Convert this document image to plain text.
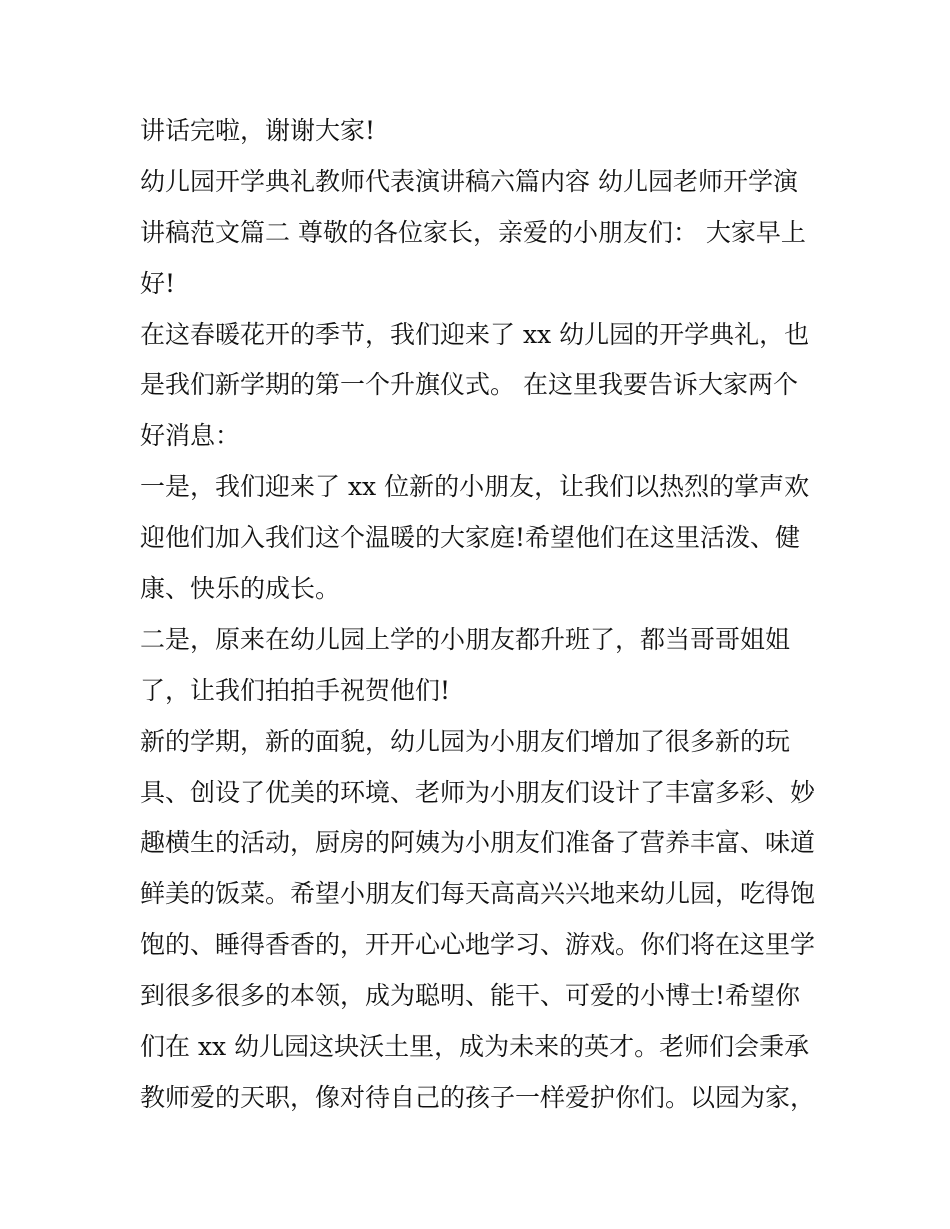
讲话完啦，谢谢大家!
幼儿园开学典礼教师代表演讲稿六篇内容 幼儿园老师开学演
讲稿范文篇二 尊敬的各位家长，亲爱的小朋友们： 大家早上
好!
在这春暖花开的季节，我们迎来了 xx 幼儿园的开学典礼，也
是我们新学期的第一个升旗仪式。 在这里我要告诉大家两个
好消息：
一是，我们迎来了 xx 位新的小朋友，让我们以热烈的掌声欢
迎他们加入我们这个温暖的大家庭!希望他们在这里活泼、健
康、快乐的成长。
二是，原来在幼儿园上学的小朋友都升班了，都当哥哥姐姐
了，让我们拍拍手祝贺他们!
新的学期，新的面貌，幼儿园为小朋友们增加了很多新的玩
具、创设了优美的环境、老师为小朋友们设计了丰富多彩、妙
趣横生的活动，厨房的阿姨为小朋友们准备了营养丰富、味道
鲜美的饭菜。希望小朋友们每天高高兴兴地来幼儿园，吃得饱
饱的、睡得香香的，开开心心地学习、游戏。你们将在这里学
到很多很多的本领，成为聪明、能干、可爱的小博士!希望你
们在 xx 幼儿园这块沃土里，成为未来的英才。老师们会秉承
教师爱的天职，像对待自己的孩子一样爱护你们。以园为家，
